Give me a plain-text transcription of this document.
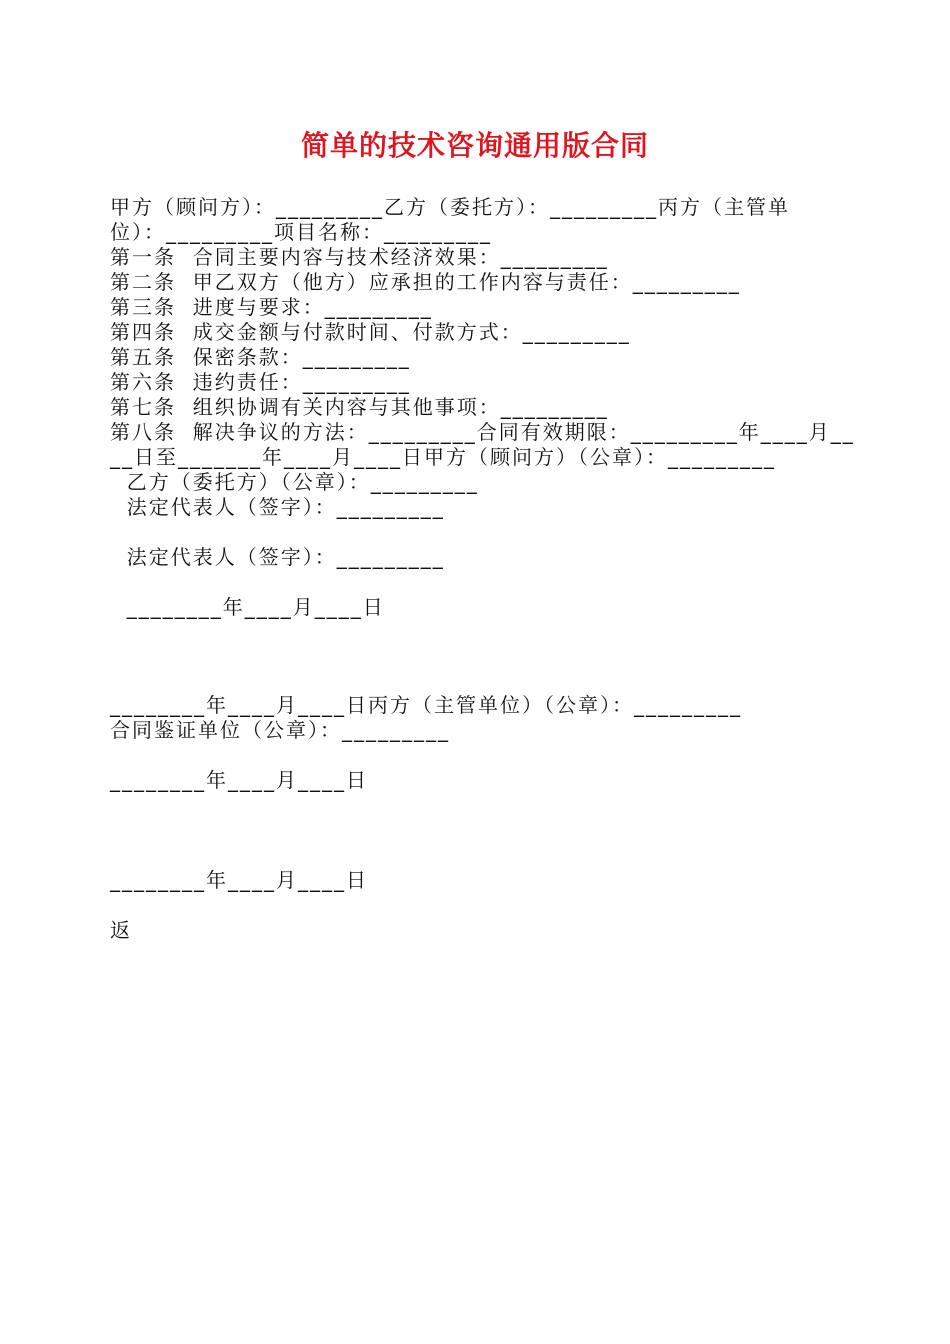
简单的技术咨询通用版合同
甲方（顾问方）：_________乙方（委托方）：_________丙方（主管单
位）：_________项目名称：_________
第一条  合同主要内容与技术经济效果：_________
第二条  甲乙双方（他方）应承担的工作内容与责任：_________
第三条  进度与要求：_________
第四条  成交金额与付款时间、付款方式：_________
第五条  保密条款：_________
第六条  违约责任：_________
第七条  组织协调有关内容与其他事项：_________
第八条  解决争议的方法：_________合同有效期限：_________年____月__
__日至_______年____月____日甲方（顾问方）（公章）：_________
乙方（委托方）（公章）：_________
法定代表人（签字）：_________
法定代表人（签字）：_________
________年____月____日
________年____月____日丙方（主管单位）（公章）：_________
合同鉴证单位（公章）：_________
________年____月____日
________年____月____日
返
